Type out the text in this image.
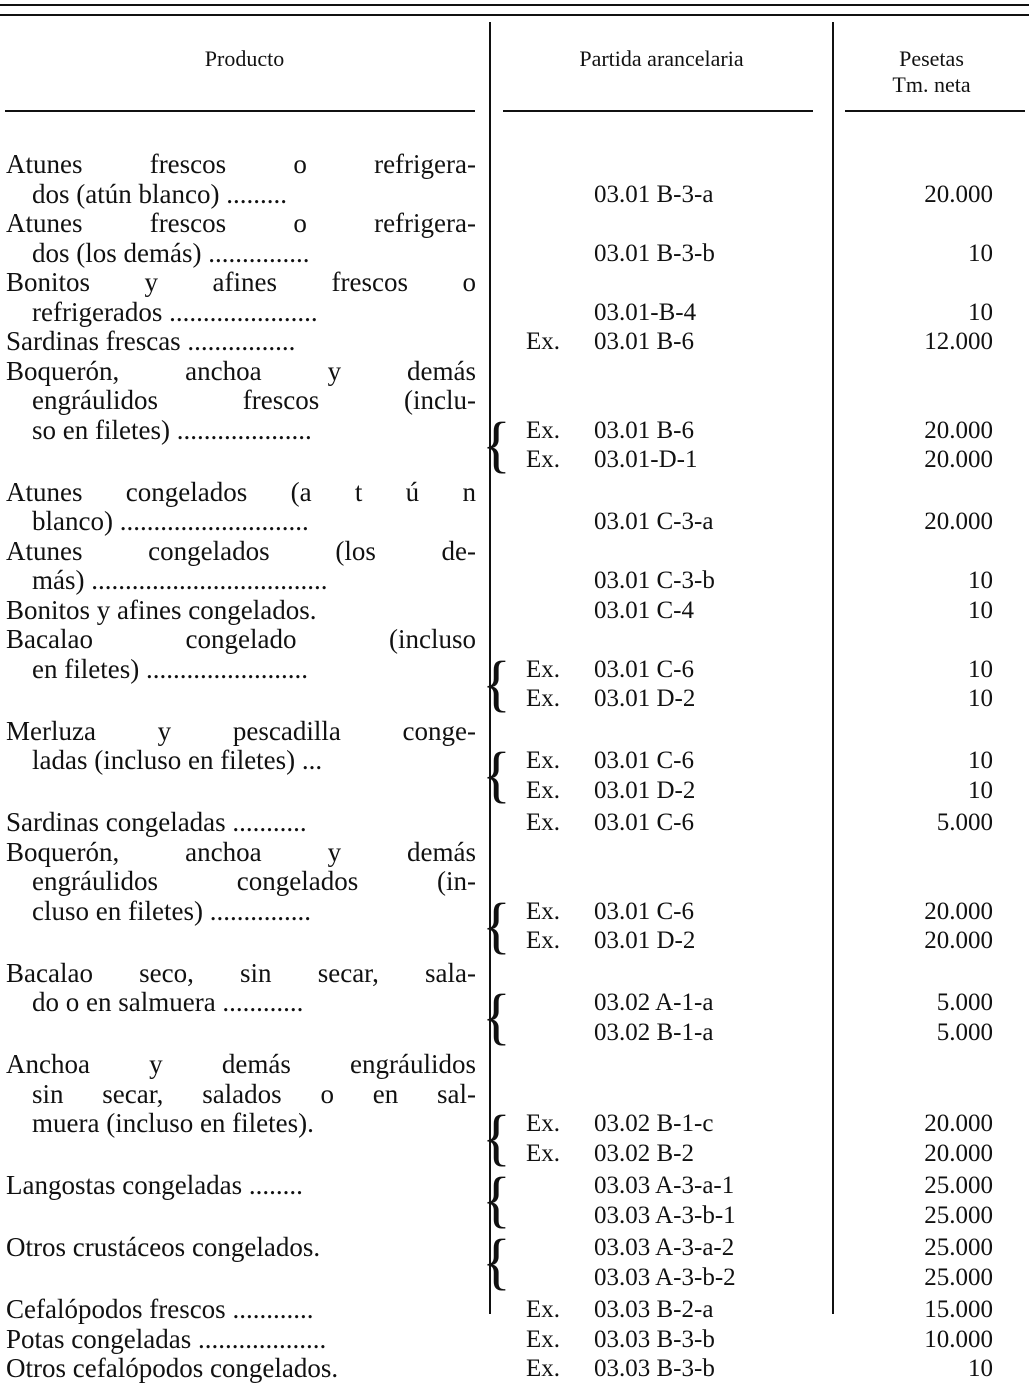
Producto	Partida arancelaria	Pesetas
Tm. neta
Atunes frescos o refrigera-
dos (atún blanco) .........	03.01 B-3-a	20.000
Atunes frescos o refrigera-
dos (los demás) ...............	03.01 B-3-b	10
Bonitos y afines frescos o
refrigerados ......................	03.01-B-4	10
Sardinas frescas ................	Ex. 03.01 B-6	12.000
Boquerón, anchoa y demás
engráulidos frescos (inclu-
so en filetes) ....................	{ Ex. 03.01 B-6	20.000
Ex. 03.01-D-1	20.000
Atunes congelados (a t ú n
blanco) ............................	03.01 C-3-a	20.000
Atunes congelados (los de-
más) ...................................	03.01 C-3-b	10
Bonitos y afines congelados.	03.01 C-4	10
Bacalao congelado (incluso
en filetes) ........................	{ Ex. 03.01 C-6	10
Ex. 03.01 D-2	10
Merluza y pescadilla conge-
ladas (incluso en filetes) ...	{ Ex. 03.01 C-6	10
Ex. 03.01 D-2	10
Sardinas congeladas ...........	Ex. 03.01 C-6	5.000
Boquerón, anchoa y demás
engráulidos congelados (in-
cluso en filetes) ...............	{ Ex. 03.01 C-6	20.000
Ex. 03.01 D-2	20.000
Bacalao seco, sin secar, sala-
do o en salmuera ............	{	03.02 A-1-a	5.000
03.02 B-1-a	5.000
Anchoa y demás engráulidos
sin secar, salados o en sal-
muera (incluso en filetes).	{ Ex. 03.02 B-1-c	20.000
Ex. 03.02 B-2	20.000
Langostas congeladas ........	{	03.03 A-3-a-1	25.000
03.03 A-3-b-1	25.000
Otros crustáceos congelados.	{	03.03 A-3-a-2	25.000
03.03 A-3-b-2	25.000
Cefalópodos frescos ............	Ex. 03.03 B-2-a	15.000
Potas congeladas ...................	Ex. 03.03 B-3-b	10.000
Otros cefalópodos congelados.	Ex. 03.03 B-3-b	10
